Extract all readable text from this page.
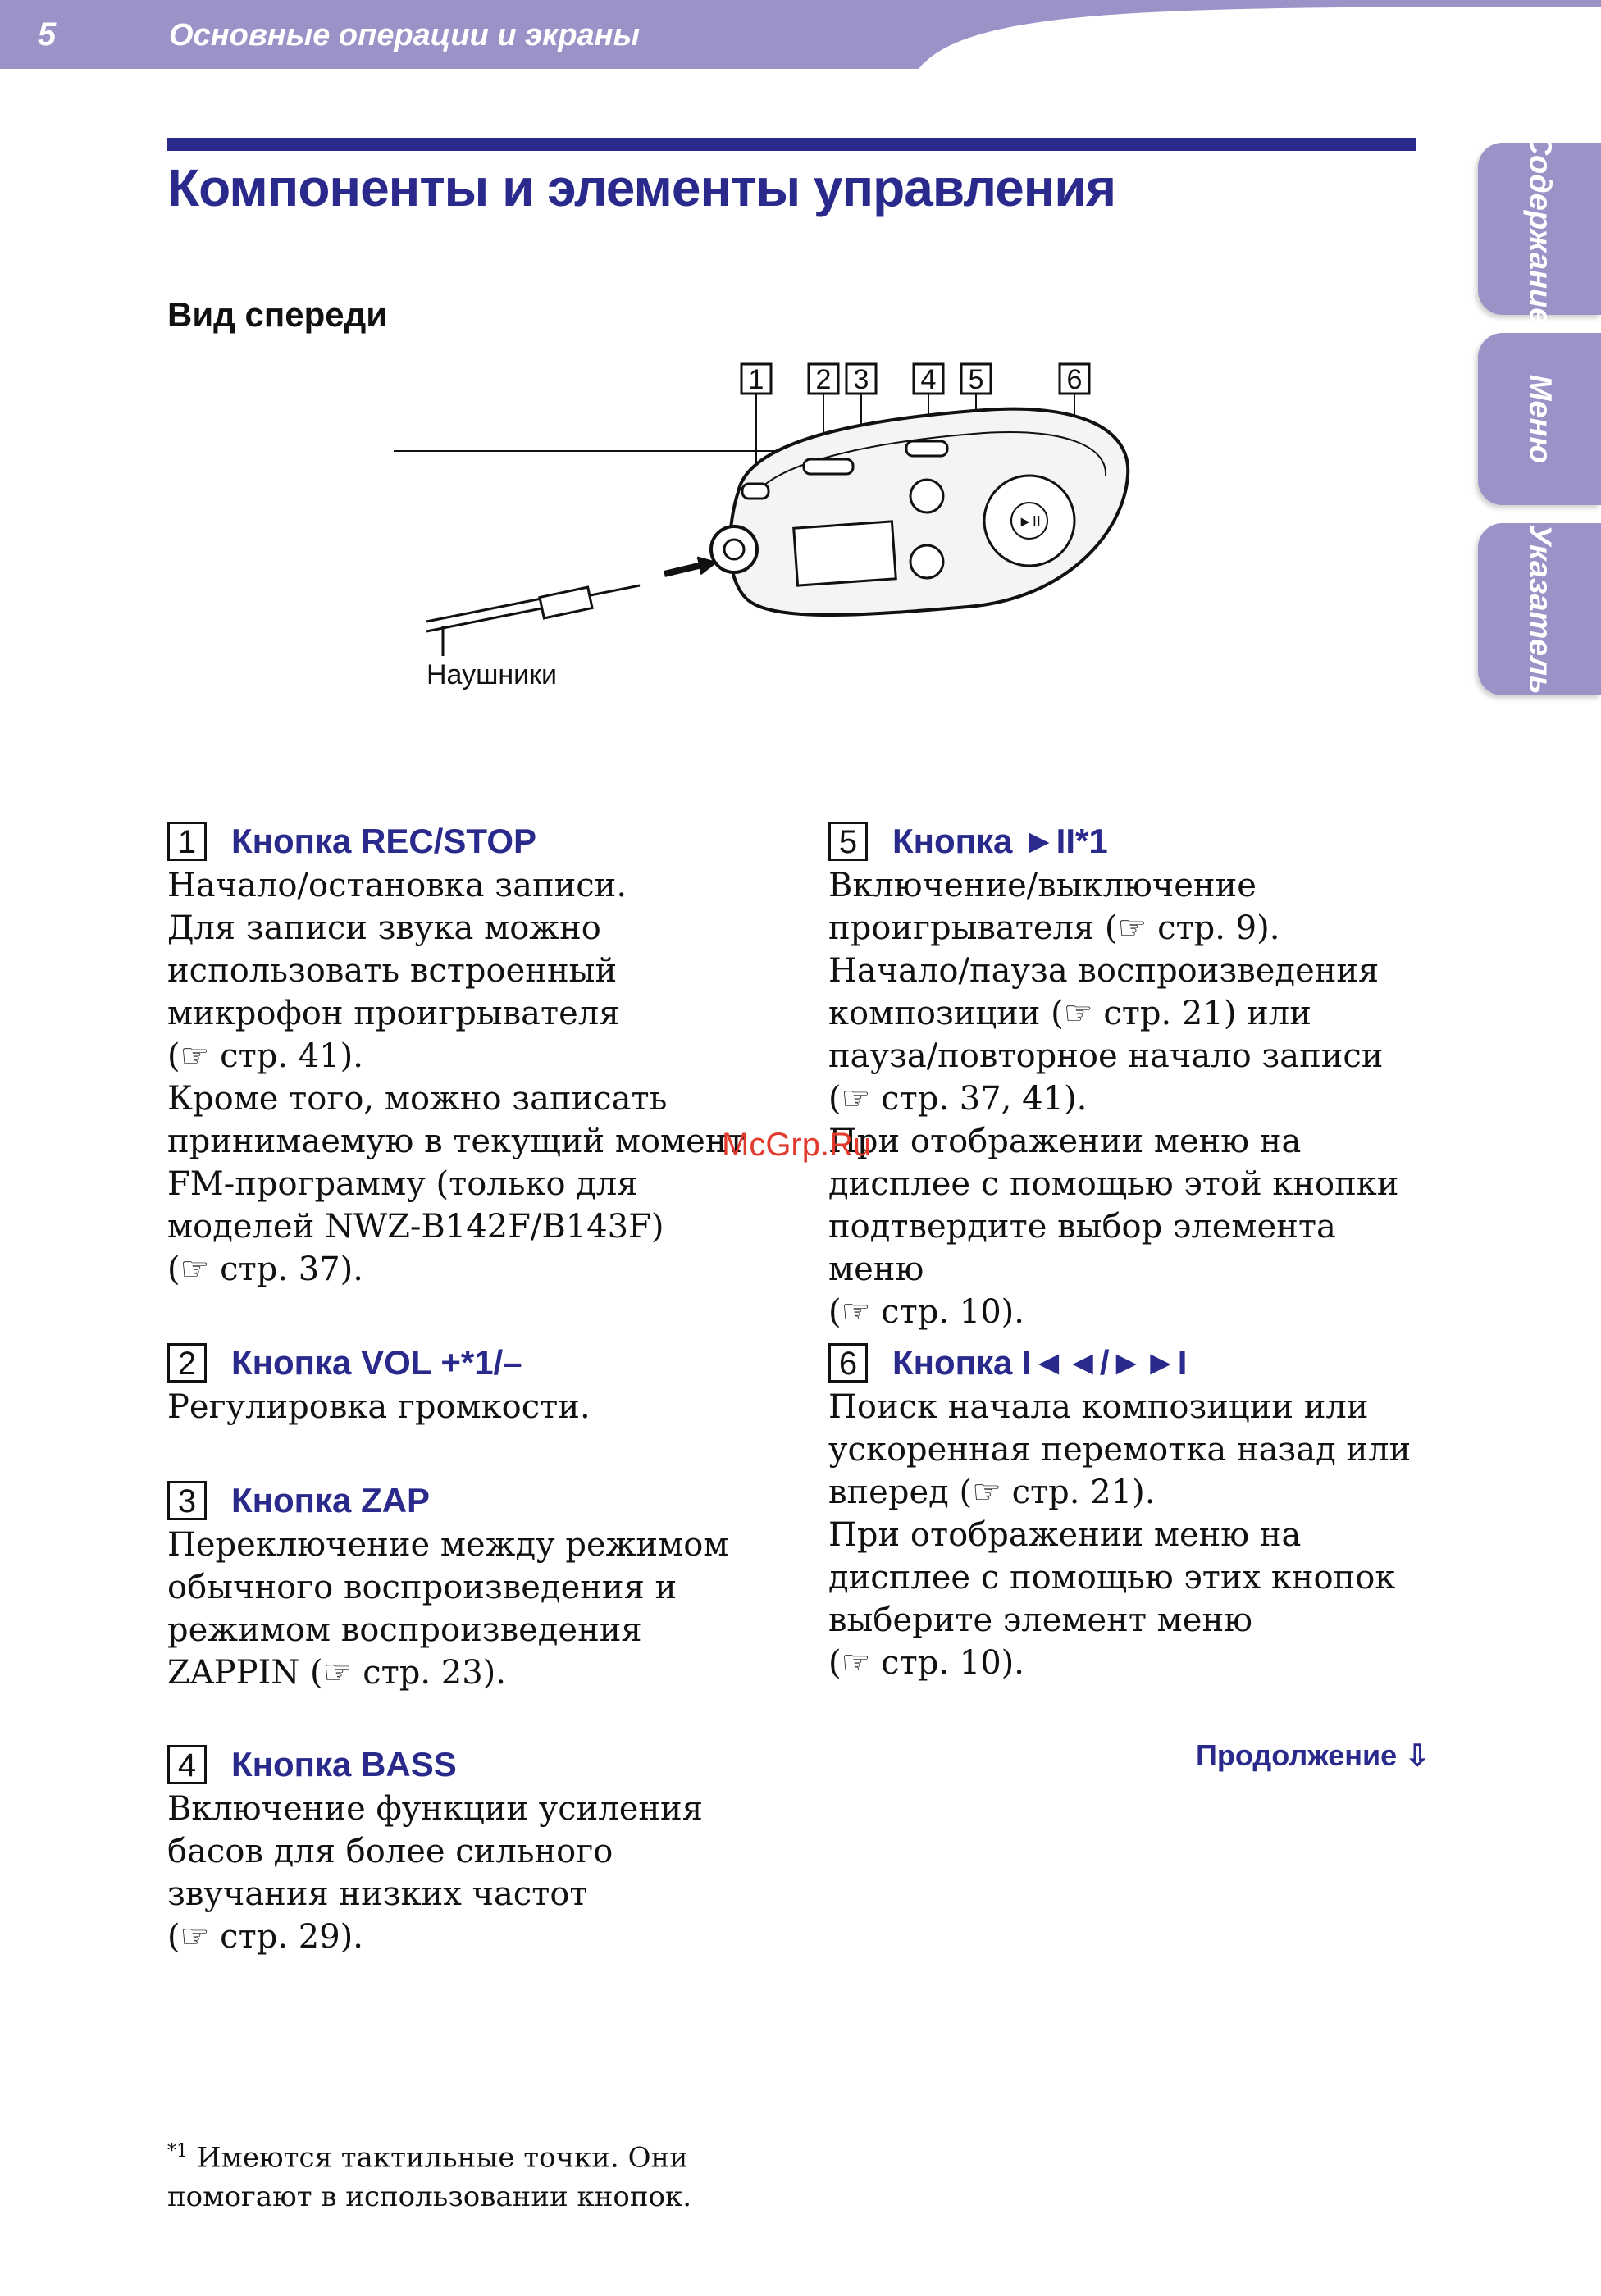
5	Основные операции и экраны
Содержание
Меню
Указатель
Компоненты и элементы управления
Вид спереди
1 2 3 4 5	6
►II
Наушники
1	Кнопка REC/STOP
Начало/остановка записи.
Для записи звука можно
использовать встроенный
микрофон проигрывателя
(☞ стр. 41).
Кроме того, можно записать
принимаемую в текущий момент
FM-программу (только для
моделей NWZ-B142F/B143F)
(☞ стр. 37).
2	Кнопка VOL +*1/–
Регулировка громкости.
3	Кнопка ZAP
Переключение между режимом
обычного воспроизведения и
режимом воспроизведения
ZAPPIN (☞ стр. 23).
4	Кнопка BASS
Включение функции усиления
басов для более сильного
звучания низких частот
(☞ стр. 29).
5	Кнопка ►II*1
Включение/выключение
проигрывателя (☞ стр. 9).
Начало/пауза воспроизведения
композиции (☞ стр. 21) или
пауза/повторное начало записи
(☞ стр. 37, 41).
При отображении меню на
дисплее с помощью этой кнопки
подтвердите выбор элемента меню
(☞ стр. 10).
6	Кнопка I◄◄/►►I
Поиск начала композиции или
ускоренная перемотка назад или
вперед (☞ стр. 21).
При отображении меню на
дисплее с помощью этих кнопок
выберите элемент меню
(☞ стр. 10).
McGrp.Ru
Продолжение ⇩
$^{*1}$ Имеются тактильные точки. Они
помогают в использовании кнопок.
